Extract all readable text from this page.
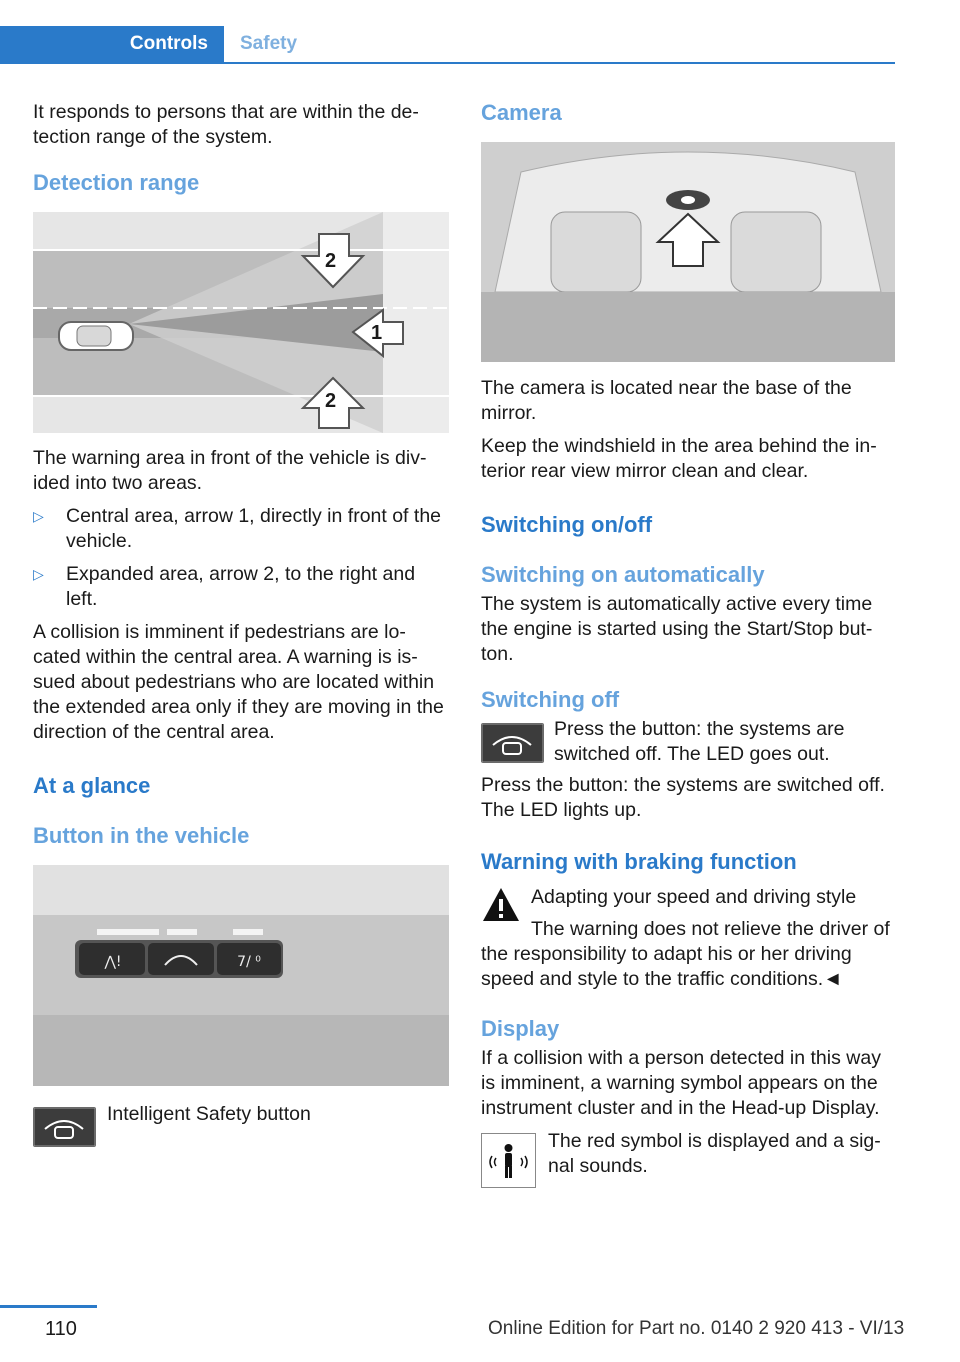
Controls Safety

It responds to persons that are within the de-tection range of the system.

Detection range
2
1
2

The warning area in front of the vehicle is div-ided into two areas.

▷ Central area, arrow 1, directly in front of the vehicle.
▷ Expanded area, arrow 2, to the right and left.

A collision is imminent if pedestrians are lo-cated within the central area. A warning is is-sued about pedestrians who are located within the extended area only if they are moving in the direction of the central area.

At a glance
Button in the vehicle
⋀!	7/ ⁰
Intelligent Safety button
Camera

The camera is located near the base of the mirror.

Keep the windshield in the area behind the in-terior rear view mirror clean and clear.

Switching on/off
Switching on automatically

The system is automatically active every time the engine is started using the Start/Stop but-ton.

Switching off

Press the button: the systems are switched off. The LED goes out.

Press the button: the systems are switched off. The LED lights up.

Warning with braking function

Adapting your speed and driving style

The warning does not relieve the driver of the responsibility to adapt his or her driving speed and style to the traffic conditions.◄

Display

If a collision with a person detected in this way is imminent, a warning symbol appears on the instrument cluster and in the Head-up Display.

The red symbol is displayed and a sig-nal sounds.

110	Online Edition for Part no. 0140 2 920 413 - VI/13
